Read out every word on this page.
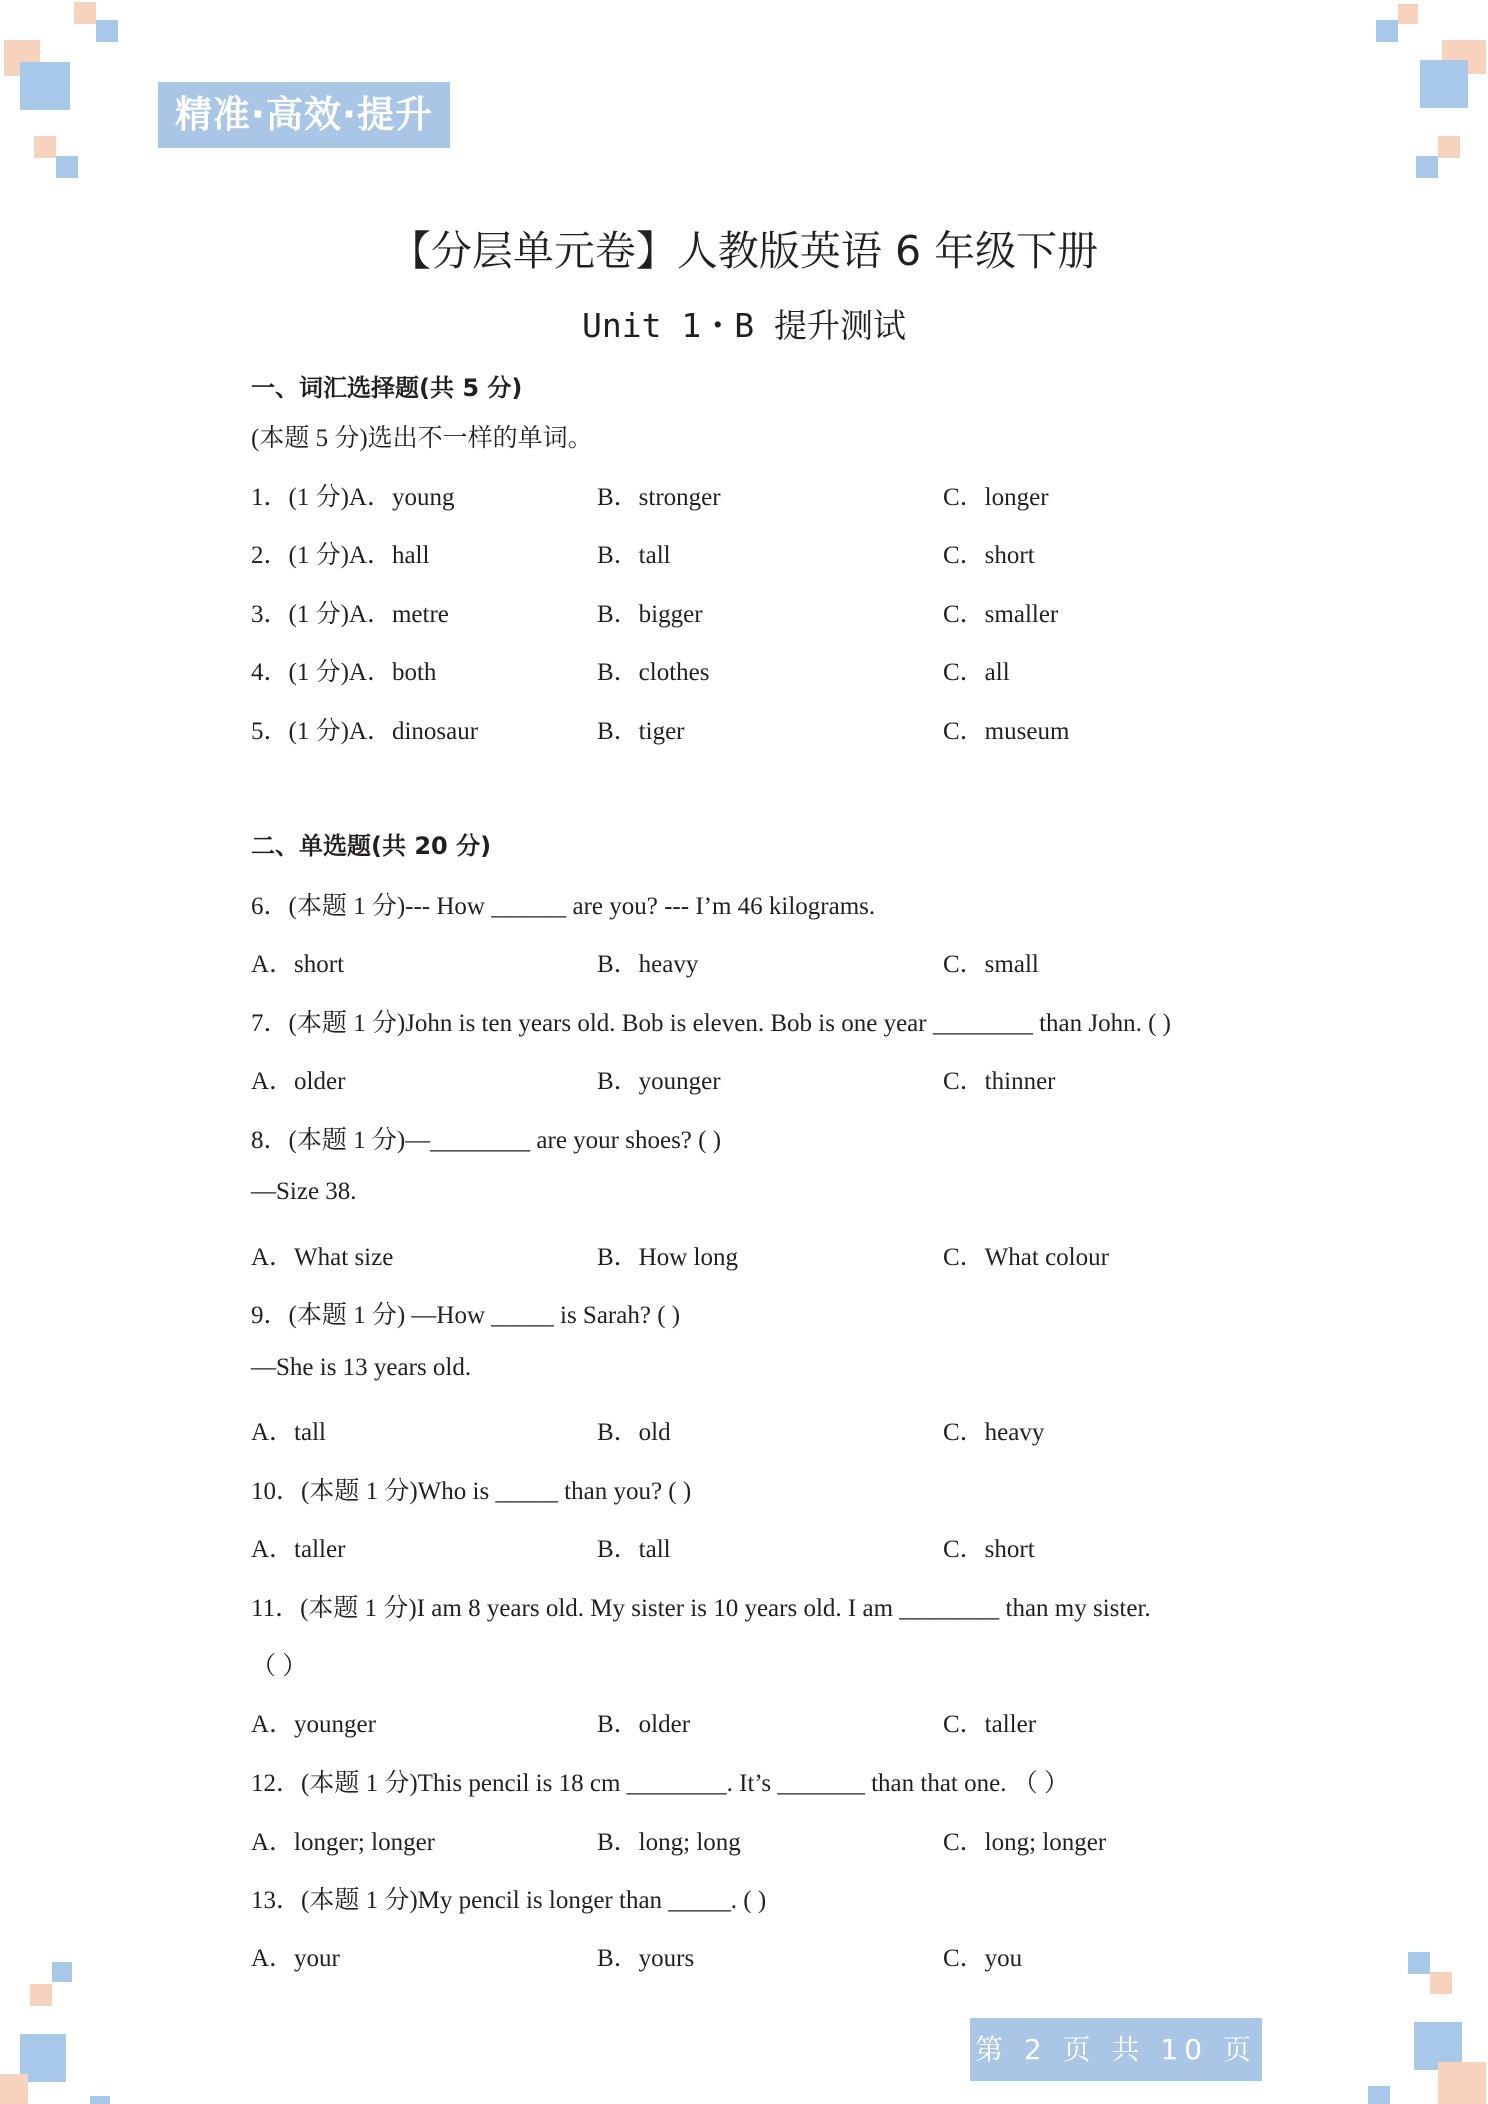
精准·高效·提升
【分层单元卷】人教版英语 6 年级下册
Unit 1・B 提升测试
一、词汇选择题(共 5 分)
(本题 5 分)选出不一样的单词。
1．(1 分)A．young	B．stronger	C．longer
2．(1 分)A．hall	B．tall	C．short
3．(1 分)A．metre	B．bigger	C．smaller
4．(1 分)A．both	B．clothes	C．all
5．(1 分)A．dinosaur	B．tiger	C．museum
二、单选题(共 20 分)
6．(本题 1 分)--- How ______ are you? --- I’m 46 kilograms.
A．short	B．heavy	C．small
7．(本题 1 分)John is ten years old. Bob is eleven. Bob is one year ________ than John. ( )
A．older	B．younger	C．thinner
8．(本题 1 分)—________ are your shoes? ( )
—Size 38.
A．What size	B．How long	C．What colour
9．(本题 1 分) —How _____ is Sarah? ( )
—She is 13 years old.
A．tall	B．old	C．heavy
10．(本题 1 分)Who is _____ than you? ( )
A．taller	B．tall	C．short
11．(本题 1 分)I am 8 years old. My sister is 10 years old. I am ________ than my sister.
（ ）
A．younger	B．older	C．taller
12．(本题 1 分)This pencil is 18 cm ________. It’s _______ than that one. （ ）
A．longer; longer	B．long; long	C．long; longer
13．(本题 1 分)My pencil is longer than _____. ( )
A．your	B．yours	C．you
第 2 页 共 10 页
